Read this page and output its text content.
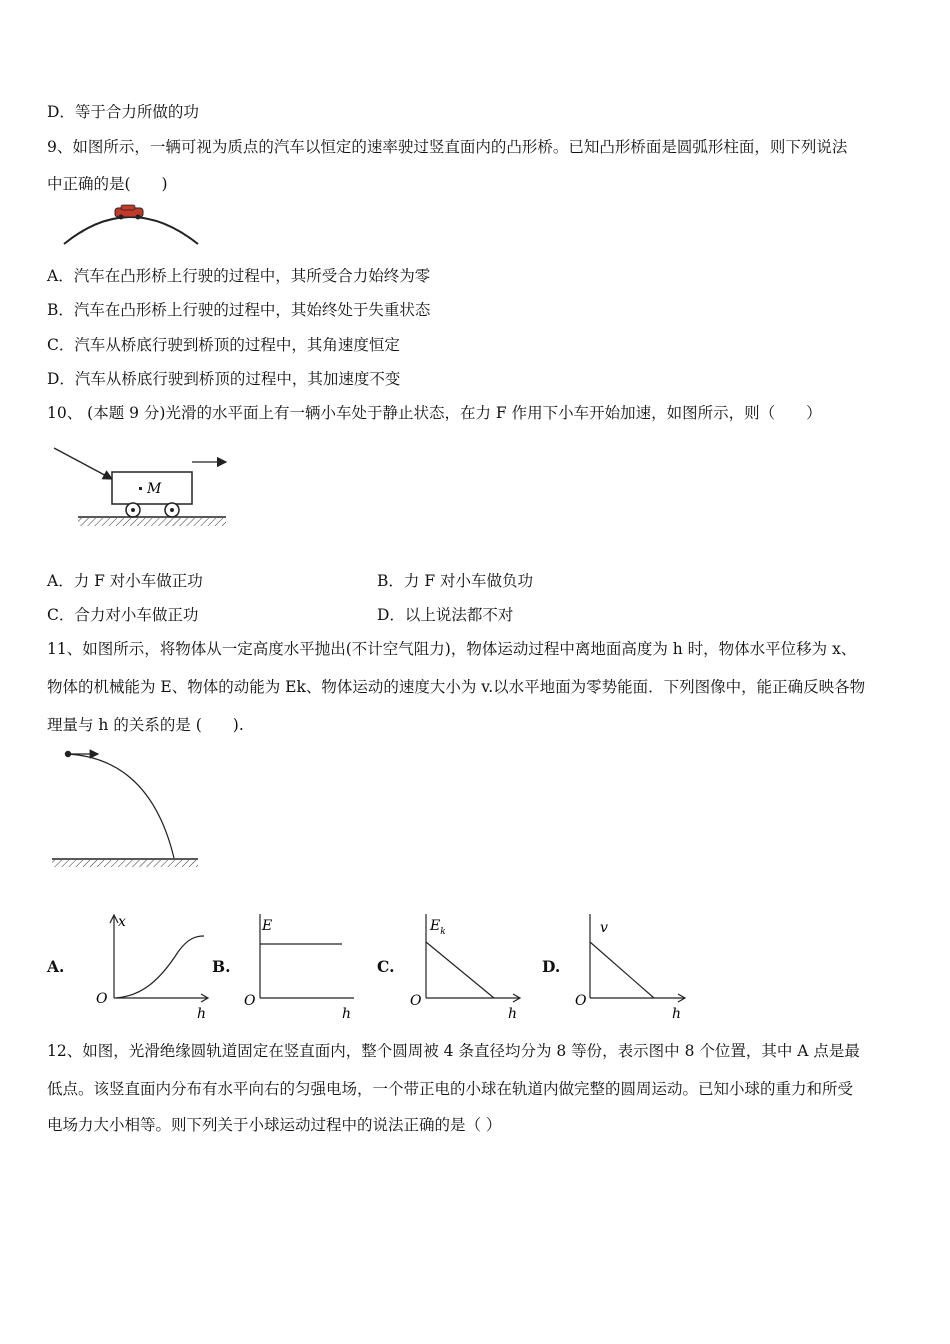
D．等于合力所做的功
9、如图所示，一辆可视为质点的汽车以恒定的速率驶过竖直面内的凸形桥。已知凸形桥面是圆弧形柱面，则下列说法
中正确的是(　　)
A．汽车在凸形桥上行驶的过程中，其所受合力始终为零
B．汽车在凸形桥上行驶的过程中，其始终处于失重状态
C．汽车从桥底行驶到桥顶的过程中，其角速度恒定
D．汽车从桥底行驶到桥顶的过程中，其加速度不变
10、 (本题 9 分)光滑的水平面上有一辆小车处于静止状态，在力 F 作用下小车开始加速，如图所示，则（　　）
M
A．力 F 对小车做正功	B．力 F 对小车做负功
C．合力对小车做正功	D．以上说法都不对
11、如图所示，将物体从一定高度水平抛出(不计空气阻力)，物体运动过程中离地面高度为 h 时，物体水平位移为 x、
物体的机械能为 E、物体的动能为 Ek、物体运动的速度大小为 v.以水平地面为零势能面．下列图像中，能正确反映各物
理量与 h 的关系的是 (　　).
A.
x
O
h
B.
E
O
h
C.
$E_k$
O
h
D.
v
O
h
12、如图，光滑绝缘圆轨道固定在竖直面内，整个圆周被 4 条直径均分为 8 等份，表示图中 8 个位置，其中 A 点是最
低点。该竖直面内分布有水平向右的匀强电场，一个带正电的小球在轨道内做完整的圆周运动。已知小球的重力和所受
电场力大小相等。则下列关于小球运动过程中的说法正确的是（ ）
